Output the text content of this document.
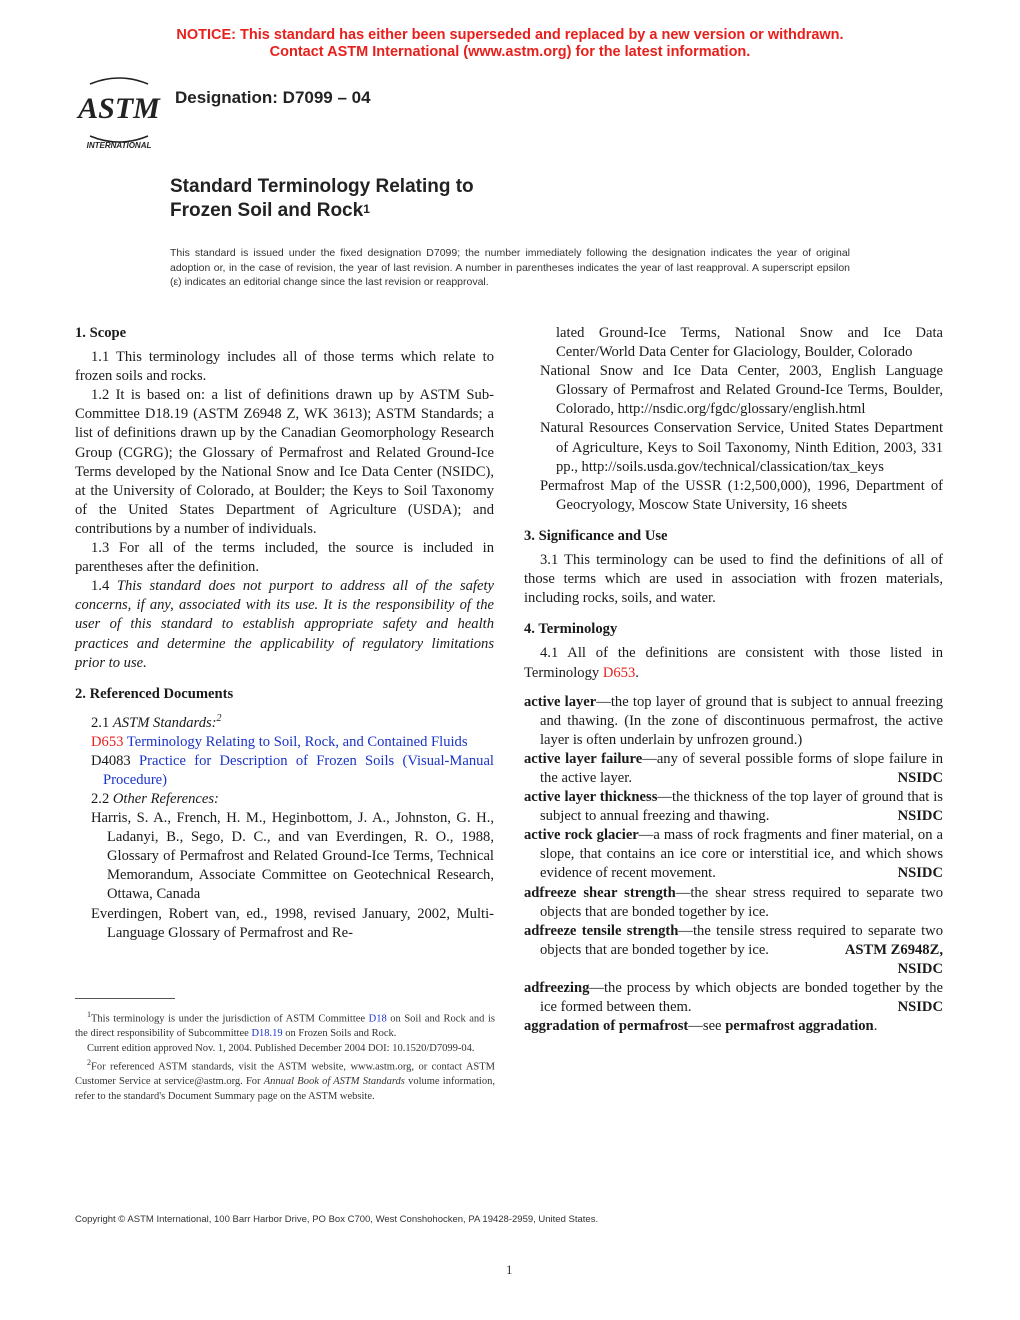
NOTICE: This standard has either been superseded and replaced by a new version or withdrawn.
Contact ASTM International (www.astm.org) for the latest information.
ASTM
INTERNATIONAL
Designation: D7099 – 04
Standard Terminology Relating to
Frozen Soil and Rock$^1$
This standard is issued under the fixed designation D7099; the number immediately following the designation indicates the year of original adoption or, in the case of revision, the year of last revision. A number in parentheses indicates the year of last reapproval. A superscript epsilon (ε) indicates an editorial change since the last revision or reapproval.

1. Scope

1.1 This terminology includes all of those terms which relate to frozen soils and rocks.

1.2 It is based on: a list of definitions drawn up by ASTM Sub-Committee D18.19 (ASTM Z6948 Z, WK 3613); ASTM Standards; a list of definitions drawn up by the Canadian Geomorphology Research Group (CGRG); the Glossary of Permafrost and Related Ground-Ice Terms developed by the National Snow and Ice Data Center (NSIDC), at the University of Colorado, at Boulder; the Keys to Soil Taxonomy of the United States Department of Agriculture (USDA); and contributions by a number of individuals.

1.3 For all of the terms included, the source is included in parentheses after the definition.

1.4 This standard does not purport to address all of the safety concerns, if any, associated with its use. It is the responsibility of the user of this standard to establish appropriate safety and health practices and determine the applicability of regulatory limitations prior to use.

2. Referenced Documents

2.1 ASTM Standards:$^2$

D653 Terminology Relating to Soil, Rock, and Contained Fluids

D4083 Practice for Description of Frozen Soils (Visual-Manual Procedure)

2.2 Other References:

Harris, S. A., French, H. M., Heginbottom, J. A., Johnston, G. H., Ladanyi, B., Sego, D. C., and van Everdingen, R. O., 1988, Glossary of Permafrost and Related Ground-Ice Terms, Technical Memorandum, Associate Committee on Geotechnical Research, Ottawa, Canada

Everdingen, Robert van, ed., 1998, revised January, 2002, Multi-Language Glossary of Permafrost and Re-

$^1$This terminology is under the jurisdiction of ASTM Committee D18 on Soil and Rock and is the direct responsibility of Subcommittee D18.19 on Frozen Soils and Rock.

Current edition approved Nov. 1, 2004. Published December 2004 DOI: 10.1520/D7099-04.

$^2$For referenced ASTM standards, visit the ASTM website, www.astm.org, or contact ASTM Customer Service at service@astm.org. For Annual Book of ASTM Standards volume information, refer to the standard's Document Summary page on the ASTM website.

lated Ground-Ice Terms, National Snow and Ice Data Center/World Data Center for Glaciology, Boulder, Colorado

National Snow and Ice Data Center, 2003, English Language Glossary of Permafrost and Related Ground-Ice Terms, Boulder, Colorado, http://nsdic.org/fgdc/glossary/english.html

Natural Resources Conservation Service, United States Department of Agriculture, Keys to Soil Taxonomy, Ninth Edition, 2003, 331 pp., http://soils.usda.gov/technical/classication/tax_keys

Permafrost Map of the USSR (1:2,500,000), 1996, Department of Geocryology, Moscow State University, 16 sheets

3. Significance and Use

3.1 This terminology can be used to find the definitions of all of those terms which are used in association with frozen materials, including rocks, soils, and water.

4. Terminology

4.1 All of the definitions are consistent with those listed in Terminology D653.

active layer—the top layer of ground that is subject to annual freezing and thawing. (In the zone of discontinuous permafrost, the active layer is often underlain by unfrozen ground.)

active layer failure—any of several possible forms of slope failure in the active layer.	NSIDC

active layer thickness—the thickness of the top layer of ground that is subject to annual freezing and thawing.	NSIDC

active rock glacier—a mass of rock fragments and finer material, on a slope, that contains an ice core or interstitial ice, and which shows evidence of recent movement.	NSIDC

adfreeze shear strength—the shear stress required to separate two objects that are bonded together by ice.

adfreeze tensile strength—the tensile stress required to separate two objects that are bonded together by ice.	ASTM Z6948Z, NSIDC

adfreezing—the process by which objects are bonded together by the ice formed between them.	NSIDC

aggradation of permafrost—see permafrost aggradation.

Copyright © ASTM International, 100 Barr Harbor Drive, PO Box C700, West Conshohocken, PA 19428-2959, United States.
1
